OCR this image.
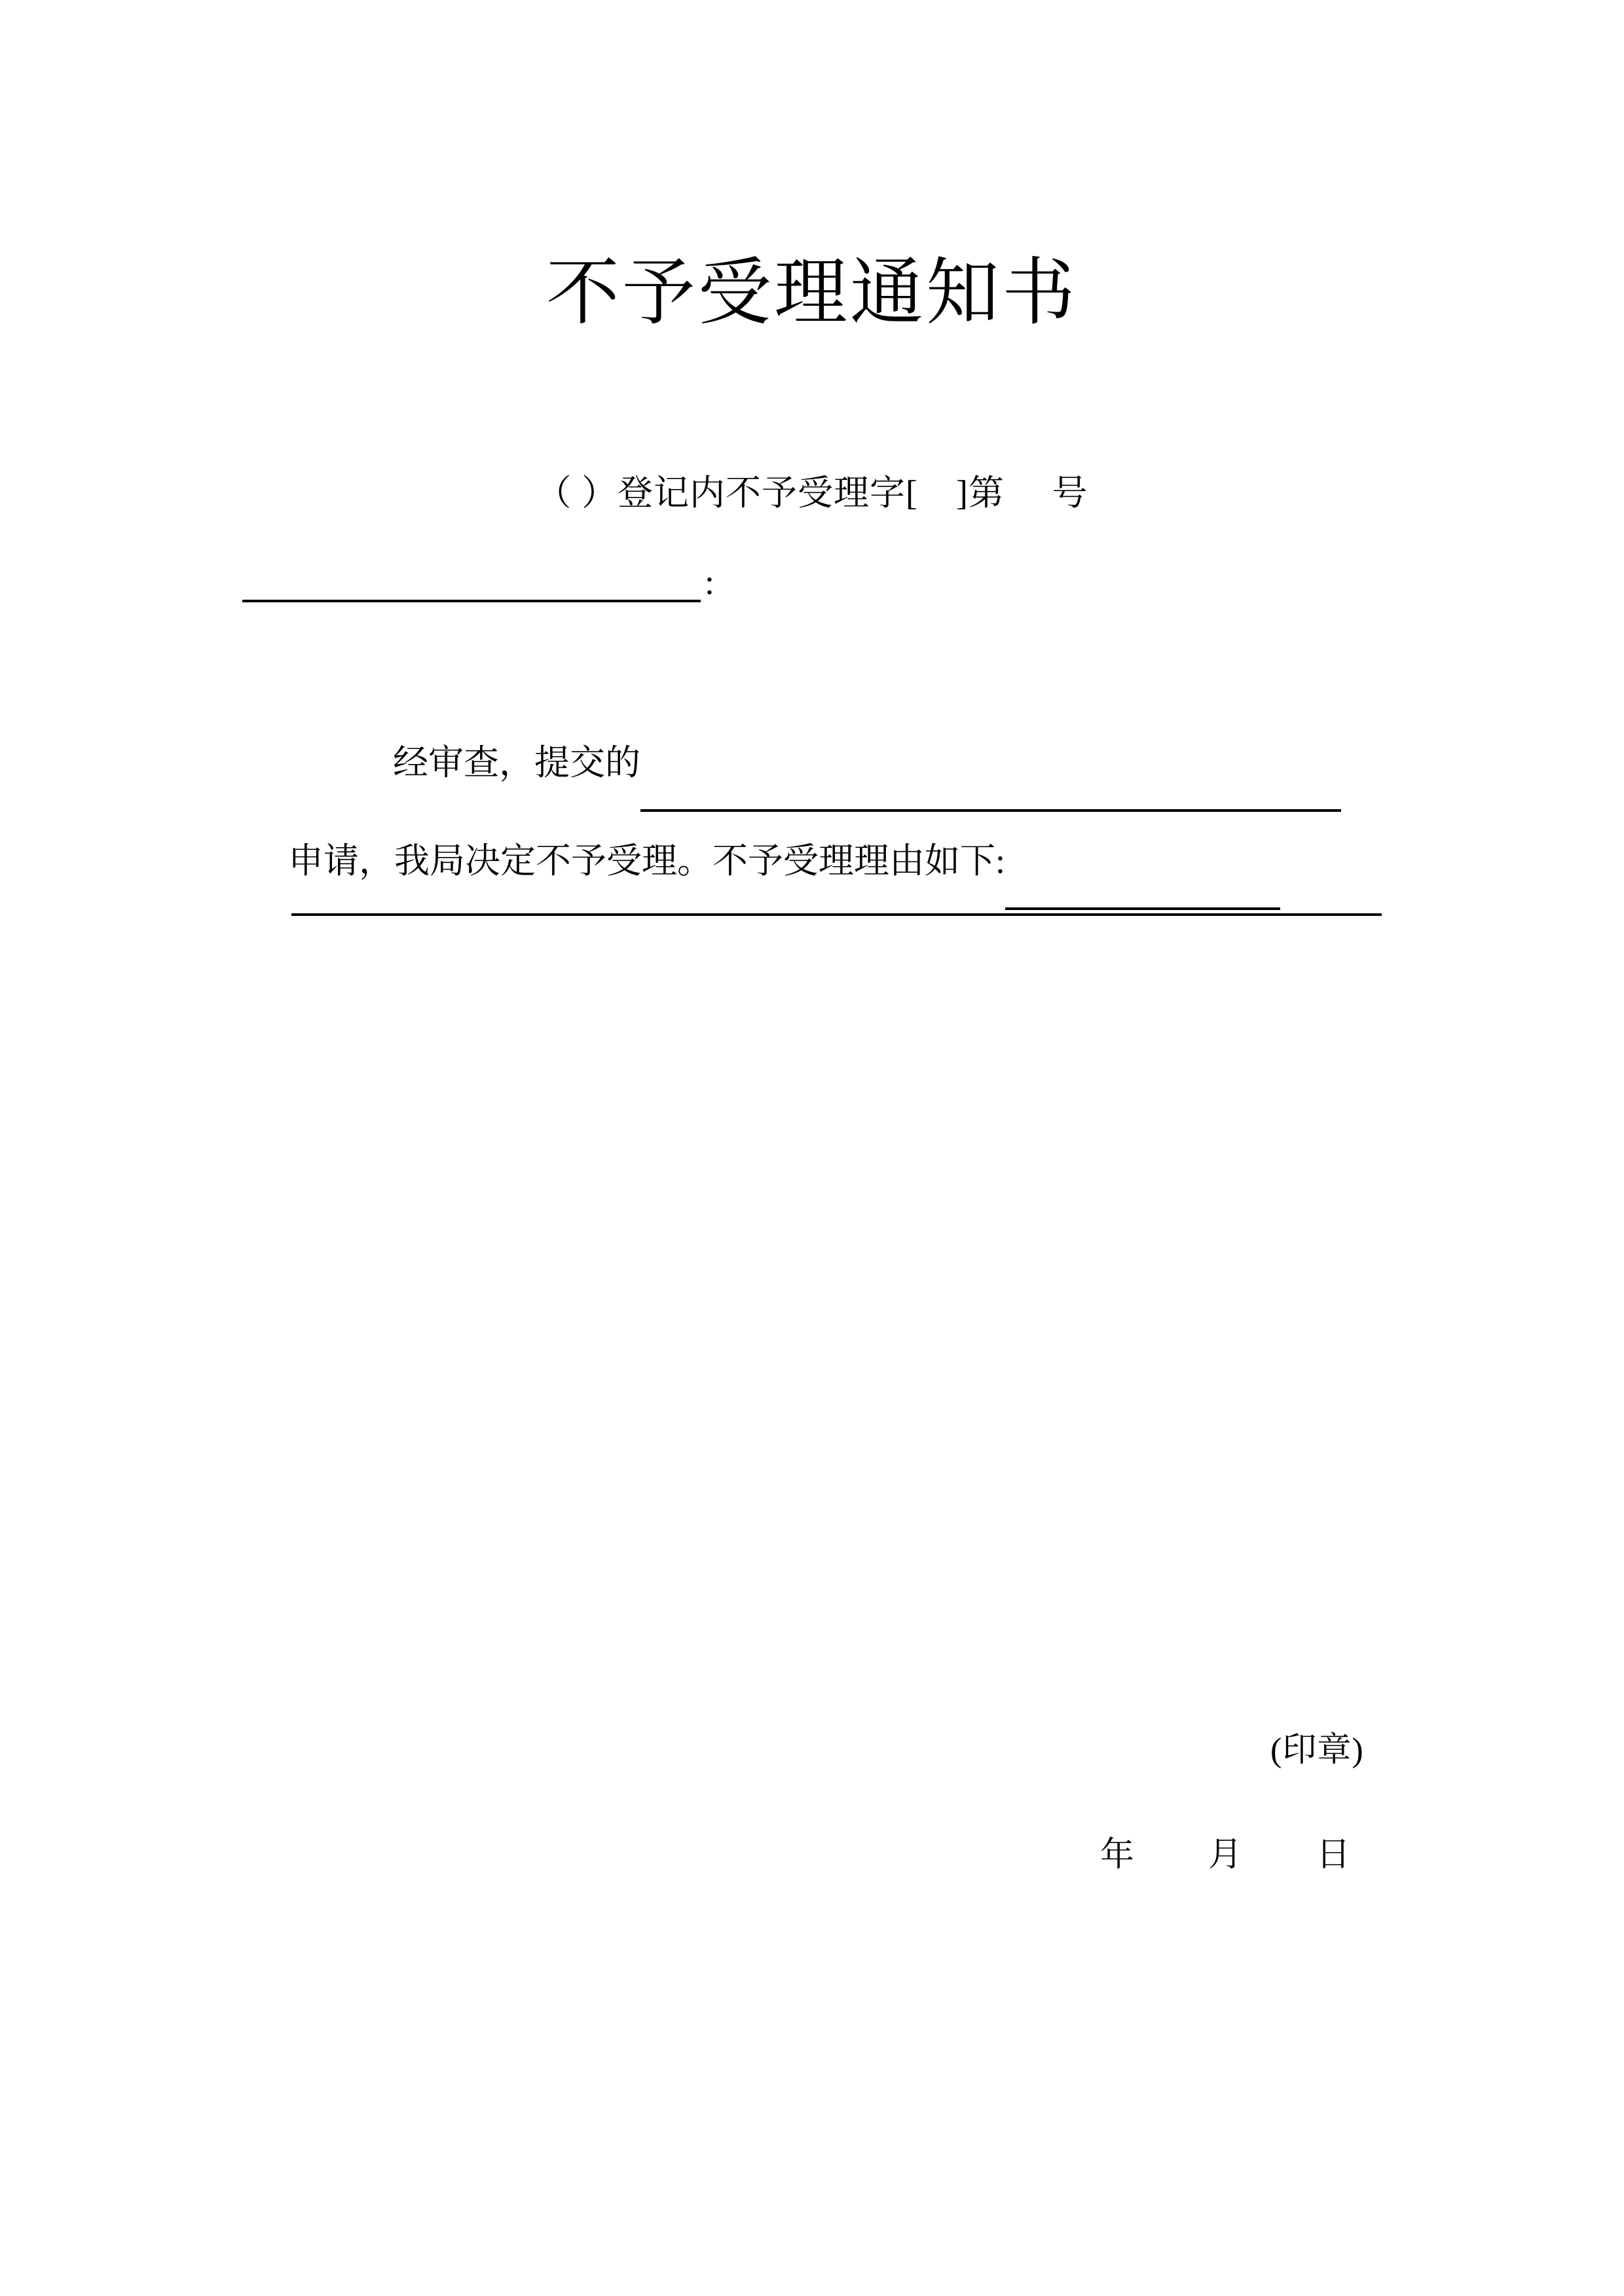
不予受理通知书
（ ）登记内不予受理字[    ]第     号
:
经审查，提交的
申请，我局决定不予受理。不予受理理由如下:
(印章)
年        月        日
